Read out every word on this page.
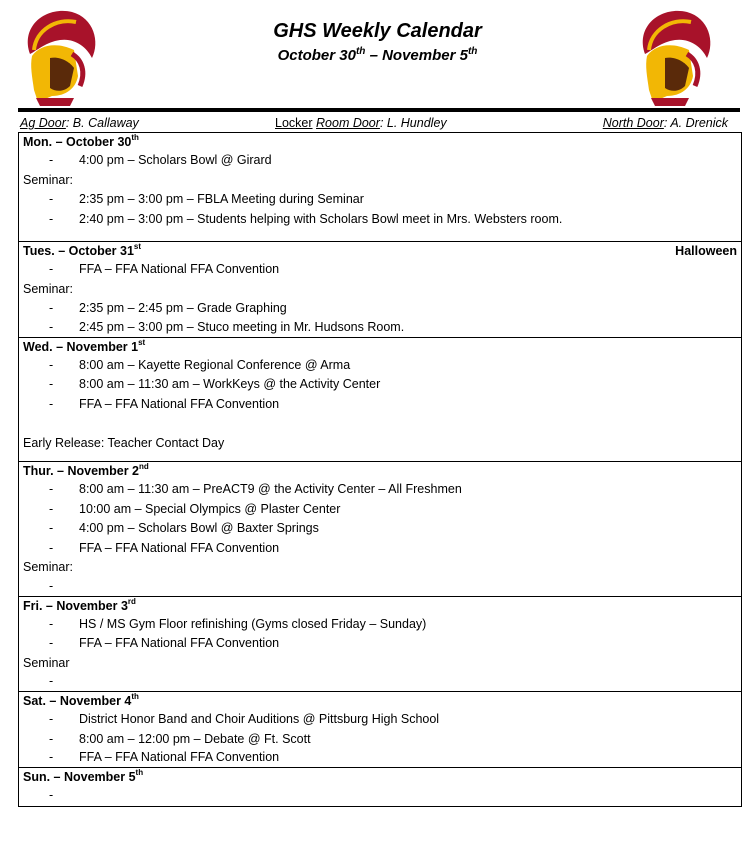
GHS Weekly Calendar
October 30th – November 5th
Ag Door: B. Callaway	Locker Room Door: L. Hundley	North Door: A. Drenick
Mon. – October 30th
- 4:00 pm – Scholars Bowl @ Girard
Seminar:
- 2:35 pm – 3:00 pm – FBLA Meeting during Seminar
- 2:40 pm – 3:00 pm – Students helping with Scholars Bowl meet in Mrs. Websters room.
Tues. – October 31st	Halloween
- FFA – FFA National FFA Convention
Seminar:
- 2:35 pm – 2:45 pm – Grade Graphing
- 2:45 pm – 3:00 pm – Stuco meeting in Mr. Hudsons Room.
Wed. – November 1st
- 8:00 am – Kayette Regional Conference @ Arma
- 8:00 am – 11:30 am – WorkKeys @ the Activity Center
- FFA – FFA National FFA Convention
Early Release: Teacher Contact Day
Thur. – November 2nd
- 8:00 am – 11:30 am – PreACT9 @ the Activity Center – All Freshmen
- 10:00 am – Special Olympics @ Plaster Center
- 4:00 pm – Scholars Bowl @ Baxter Springs
- FFA – FFA National FFA Convention
Seminar:
-
Fri. – November 3rd
- HS / MS Gym Floor refinishing (Gyms closed Friday – Sunday)
- FFA – FFA National FFA Convention
Seminar
-
Sat. – November 4th
- District Honor Band and Choir Auditions @ Pittsburg High School
- 8:00 am – 12:00 pm – Debate @ Ft. Scott
- FFA – FFA National FFA Convention
Sun. – November 5th
-
